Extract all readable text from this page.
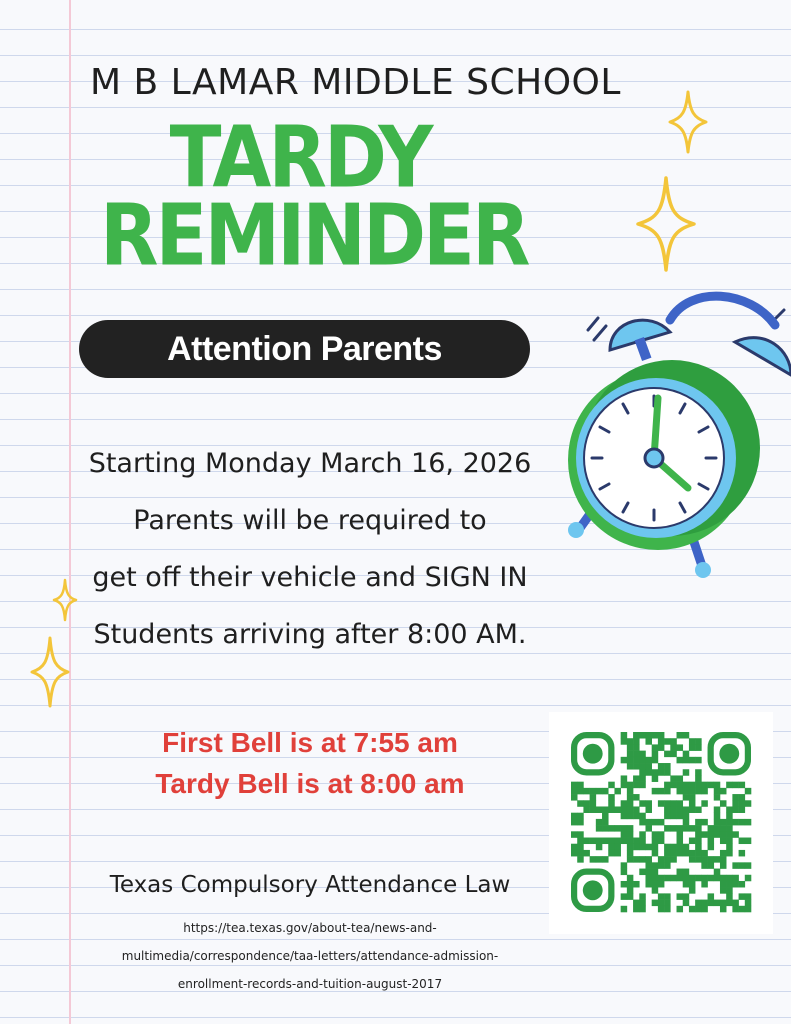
M B LAMAR MIDDLE SCHOOL
TARDY
REMINDER
Attention Parents
Starting Monday March 16, 2026
Parents will be required to
get off their vehicle and SIGN IN
Students arriving after 8:00 AM.
First Bell is at 7:55 am
Tardy Bell is at 8:00 am
Texas Compulsory Attendance Law
https://tea.texas.gov/about-tea/news-and-
multimedia/correspondence/taa-letters/attendance-admission-
enrollment-records-and-tuition-august-2017
